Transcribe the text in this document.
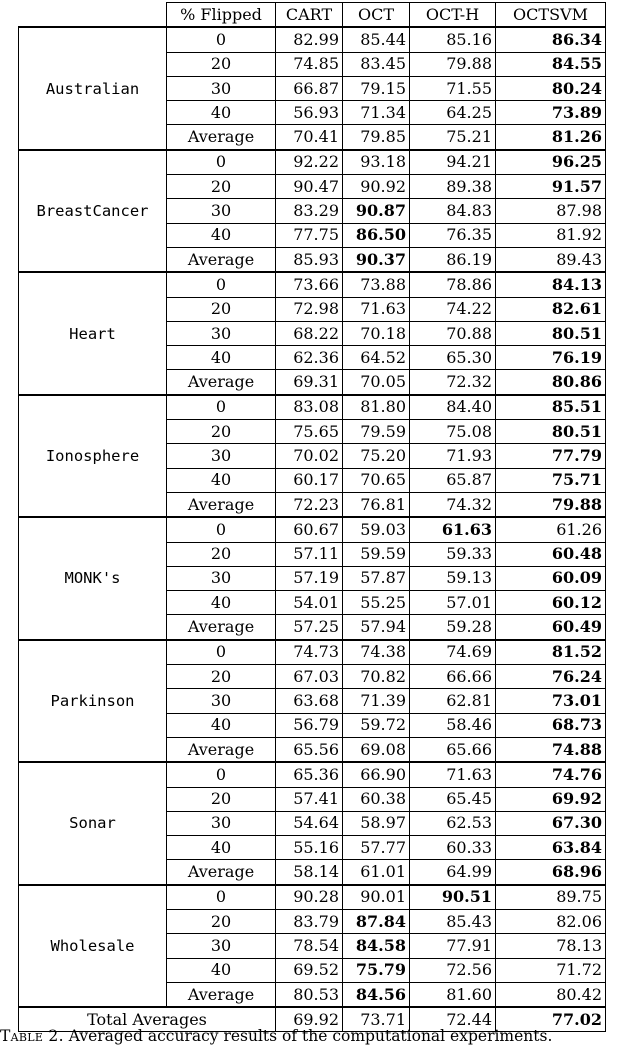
	% Flipped	CART	OCT	OCT-H	OCTSVM
Australian	0	82.99	85.44	85.16	86.34
	20	74.85	83.45	79.88	84.55
	30	66.87	79.15	71.55	80.24
	40	56.93	71.34	64.25	73.89
	Average	70.41	79.85	75.21	81.26
BreastCancer	0	92.22	93.18	94.21	96.25
	20	90.47	90.92	89.38	91.57
	30	83.29	90.87	84.83	87.98
	40	77.75	86.50	76.35	81.92
	Average	85.93	90.37	86.19	89.43
Heart	0	73.66	73.88	78.86	84.13
	20	72.98	71.63	74.22	82.61
	30	68.22	70.18	70.88	80.51
	40	62.36	64.52	65.30	76.19
	Average	69.31	70.05	72.32	80.86
Ionosphere	0	83.08	81.80	84.40	85.51
	20	75.65	79.59	75.08	80.51
	30	70.02	75.20	71.93	77.79
	40	60.17	70.65	65.87	75.71
	Average	72.23	76.81	74.32	79.88
MONK's	0	60.67	59.03	61.63	61.26
	20	57.11	59.59	59.33	60.48
	30	57.19	57.87	59.13	60.09
	40	54.01	55.25	57.01	60.12
	Average	57.25	57.94	59.28	60.49
Parkinson	0	74.73	74.38	74.69	81.52
	20	67.03	70.82	66.66	76.24
	30	63.68	71.39	62.81	73.01
	40	56.79	59.72	58.46	68.73
	Average	65.56	69.08	65.66	74.88
Sonar	0	65.36	66.90	71.63	74.76
	20	57.41	60.38	65.45	69.92
	30	54.64	58.97	62.53	67.30
	40	55.16	57.77	60.33	63.84
	Average	58.14	61.01	64.99	68.96
Wholesale	0	90.28	90.01	90.51	89.75
	20	83.79	87.84	85.43	82.06
	30	78.54	84.58	77.91	78.13
	40	69.52	75.79	72.56	71.72
	Average	80.53	84.56	81.60	80.42
Total Averages		69.92	73.71	72.44	77.02
Table 2. Averaged accuracy results of the computational experiments.
